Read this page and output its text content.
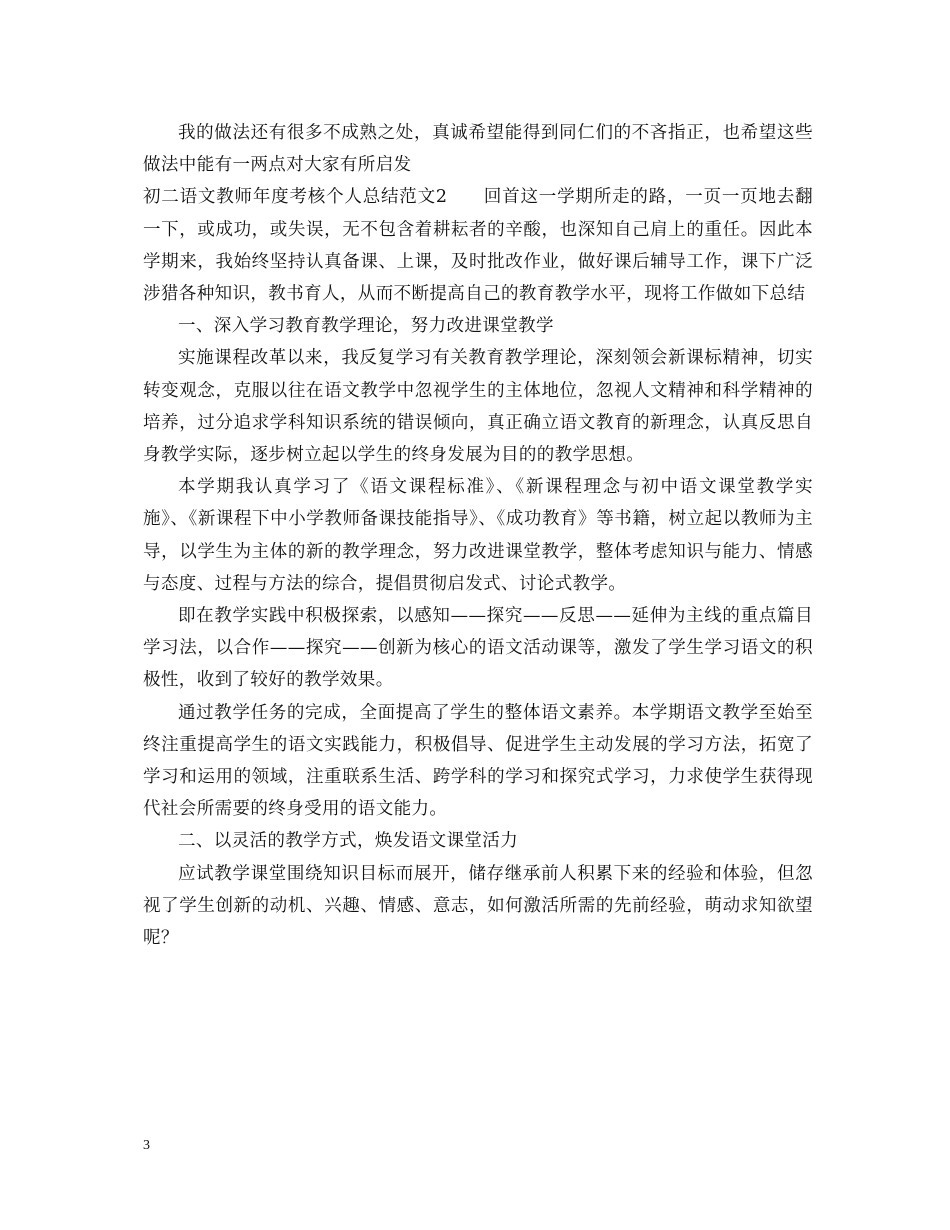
我的做法还有很多不成熟之处，真诚希望能得到同仁们的不吝指正，也希望这些做法中能有一两点对大家有所启发

初二语文教师年度考核个人总结范文2 回首这一学期所走的路，一页一页地去翻一下，或成功，或失误，无不包含着耕耘者的辛酸，也深知自己肩上的重任。因此本学期来，我始终坚持认真备课、上课，及时批改作业，做好课后辅导工作，课下广泛涉猎各种知识，教书育人，从而不断提高自己的教育教学水平，现将工作做如下总结

一、深入学习教育教学理论，努力改进课堂教学

实施课程改革以来，我反复学习有关教育教学理论，深刻领会新课标精神，切实转变观念，克服以往在语文教学中忽视学生的主体地位，忽视人文精神和科学精神的培养，过分追求学科知识系统的错误倾向，真正确立语文教育的新理念，认真反思自身教学实际，逐步树立起以学生的终身发展为目的的教学思想。

本学期我认真学习了《语文课程标准》、《新课程理念与初中语文课堂教学实施》、《新课程下中小学教师备课技能指导》、《成功教育》等书籍，树立起以教师为主导，以学生为主体的新的教学理念，努力改进课堂教学，整体考虑知识与能力、情感与态度、过程与方法的综合，提倡贯彻启发式、讨论式教学。

即在教学实践中积极探索，以感知——探究——反思——延伸为主线的重点篇目学习法，以合作——探究——创新为核心的语文活动课等，激发了学生学习语文的积极性，收到了较好的教学效果。

通过教学任务的完成，全面提高了学生的整体语文素养。本学期语文教学至始至终注重提高学生的语文实践能力，积极倡导、促进学生主动发展的学习方法，拓宽了学习和运用的领域，注重联系生活、跨学科的学习和探究式学习，力求使学生获得现代社会所需要的终身受用的语文能力。

二、以灵活的教学方式，焕发语文课堂活力

应试教学课堂围绕知识目标而展开，储存继承前人积累下来的经验和体验，但忽视了学生创新的动机、兴趣、情感、意志，如何激活所需的先前经验，萌动求知欲望呢？

3
